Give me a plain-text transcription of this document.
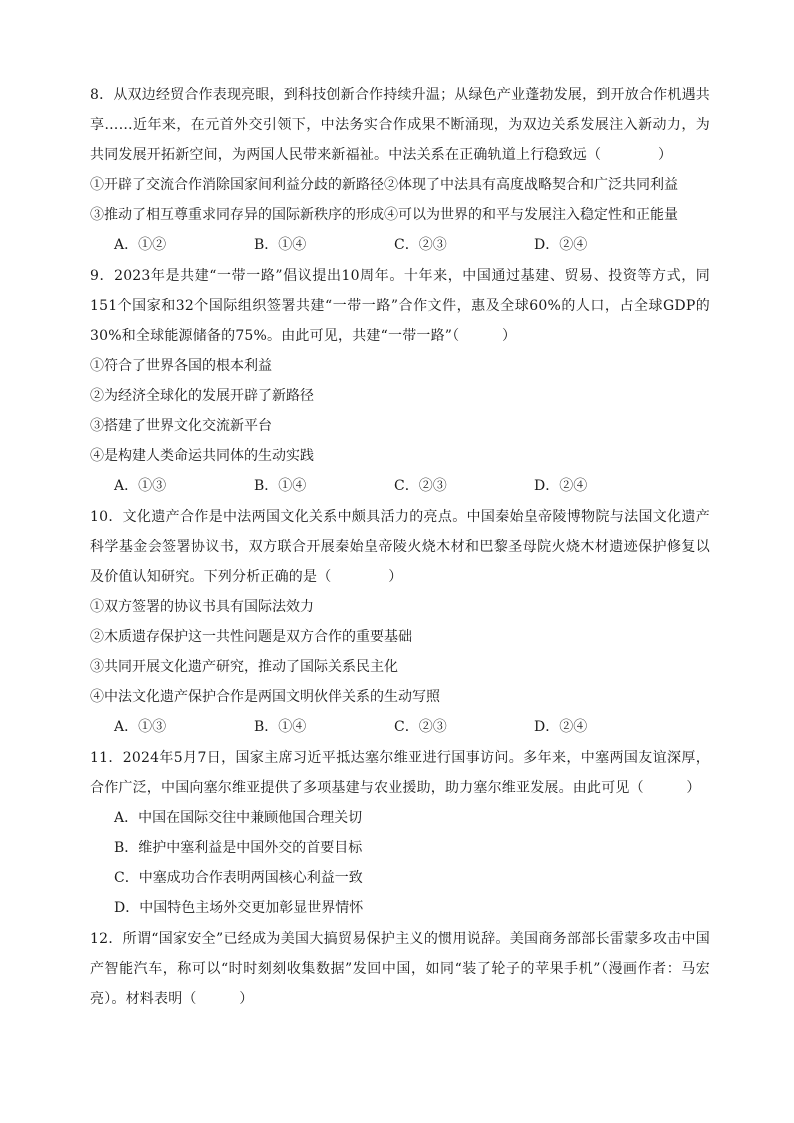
8．从双边经贸合作表现亮眼，到科技创新合作持续升温；从绿色产业蓬勃发展，到开放合作机遇共享……近年来，在元首外交引领下，中法务实合作成果不断涌现，为双边关系发展注入新动力，为共同发展开拓新空间，为两国人民带来新福祉。中法关系在正确轨道上行稳致远（　　　　）

①开辟了交流合作消除国家间利益分歧的新路径②体现了中法具有高度战略契合和广泛共同利益

③推动了相互尊重求同存异的国际新秩序的形成④可以为世界的和平与发展注入稳定性和正能量

A．①②	B．①④	C．②③	D．②④

9．2023年是共建“一带一路”倡议提出10周年。十年来，中国通过基建、贸易、投资等方式，同151个国家和32个国际组织签署共建“一带一路”合作文件，惠及全球60%的人口，占全球GDP的30%和全球能源储备的75%。由此可见，共建“一带一路”（　　　）

①符合了世界各国的根本利益

②为经济全球化的发展开辟了新路径

③搭建了世界文化交流新平台

④是构建人类命运共同体的生动实践

A．①③	B．①④	C．②③	D．②④

10．文化遗产合作是中法两国文化关系中颇具活力的亮点。中国秦始皇帝陵博物院与法国文化遗产科学基金会签署协议书，双方联合开展秦始皇帝陵火烧木材和巴黎圣母院火烧木材遗迹保护修复以及价值认知研究。下列分析正确的是（　　　　）

①双方签署的协议书具有国际法效力

②木质遗存保护这一共性问题是双方合作的重要基础

③共同开展文化遗产研究，推动了国际关系民主化

④中法文化遗产保护合作是两国文明伙伴关系的生动写照

A．①③	B．①④	C．②③	D．②④

11．2024年5月7日，国家主席习近平抵达塞尔维亚进行国事访问。多年来，中塞两国友谊深厚，合作广泛，中国向塞尔维亚提供了多项基建与农业援助，助力塞尔维亚发展。由此可见（　　　）

A．中国在国际交往中兼顾他国合理关切

B．维护中塞利益是中国外交的首要目标

C．中塞成功合作表明两国核心利益一致

D．中国特色主场外交更加彰显世界情怀

12．所谓“国家安全”已经成为美国大搞贸易保护主义的惯用说辞。美国商务部部长雷蒙多攻击中国产智能汽车，称可以“时时刻刻收集数据”发回中国，如同“装了轮子的苹果手机”（漫画作者：马宏亮）。材料表明（　　　）
